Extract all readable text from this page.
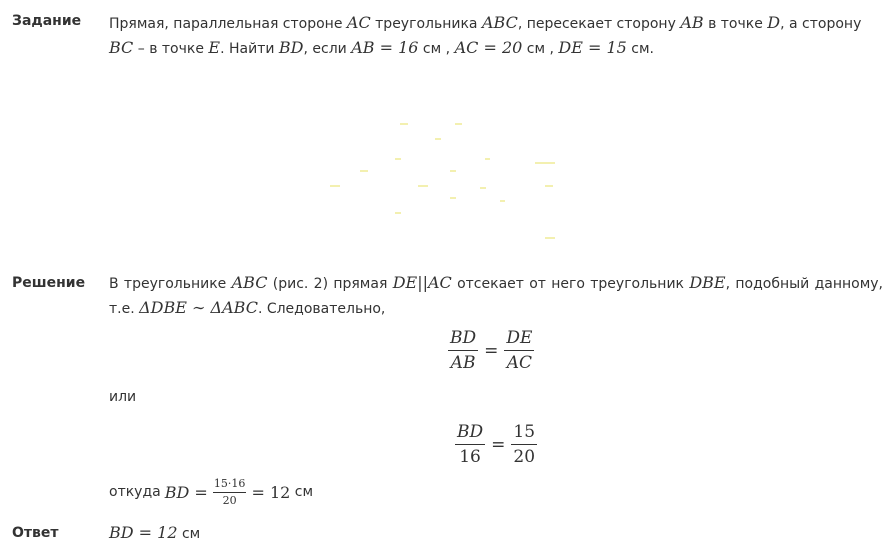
Задание Прямая, параллельная стороне AC треугольника ABC, пересекает сторону AB в точке D, а сторону
BC – в точке E. Найти BD, если AB = 16 см , AC = 20 см , DE = 15 см.
Решение В треугольнике ABC (рис. 2) прямая DE||AC отсекает от него треугольник DBE, подобный данному, т.е. ΔDBE ∼ ΔABC. Следовательно,
$\frac{BD}{AB} = \frac{DE}{AC}$
или
$\frac{BD}{16} = \frac{15}{20}$
откуда BD = $\frac{15\cdot 16}{20} = 12$ см
Ответ	BD = 12 см
